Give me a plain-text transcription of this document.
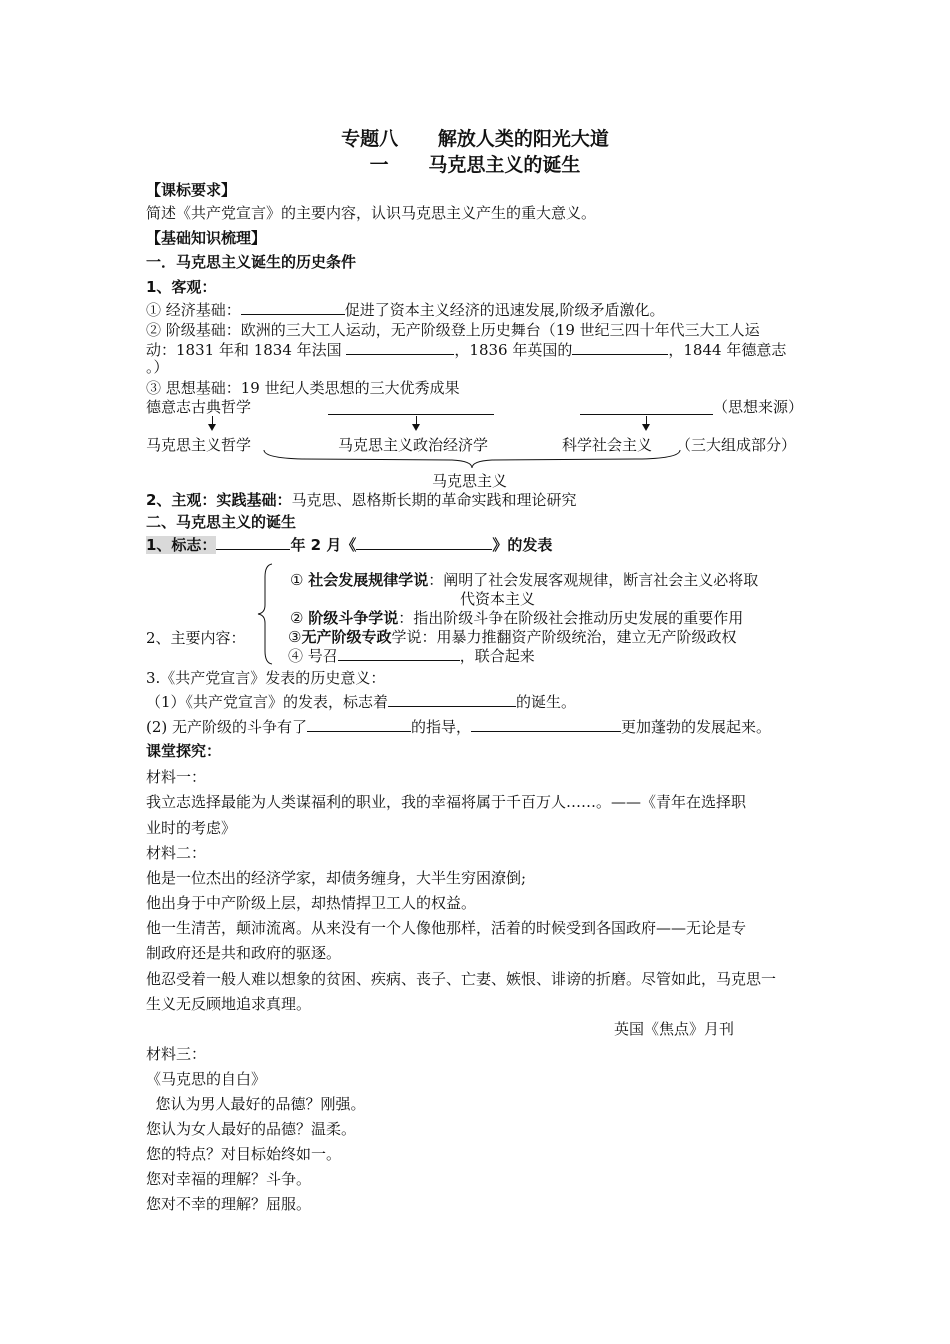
专题八      解放人类的阳光大道
一      马克思主义的诞生
【课标要求】
简述《共产党宣言》的主要内容，认识马克思主义产生的重大意义。
【基础知识梳理】
一．马克思主义诞生的历史条件
1、客观：
① 经济基础：	促进了资本主义经济的迅速发展,阶级矛盾激化。
② 阶级基础：欧洲的三大工人运动，无产阶级登上历史舞台（19 世纪三四十年代三大工人运
动：1831 年和 1834 年法国	，1836 年英国的	，1844 年德意志
。）
③ 思想基础：19 世纪人类思想的三大优秀成果
德意志古典哲学	（思想来源）
马克思主义哲学	马克思主义政治经济学	科学社会主义 （三大组成部分）
马克思主义
2、主观：实践基础：马克思、恩格斯长期的革命实践和理论研究
二、马克思主义的诞生
1、标志：	年 2 月《	》的发表
2、主要内容：
① 社会发展规律学说：阐明了社会发展客观规律，断言社会主义必将取
代资本主义
② 阶级斗争学说：指出阶级斗争在阶级社会推动历史发展的重要作用
③无产阶级专政学说：用暴力推翻资产阶级统治，建立无产阶级政权
④ 号召	，联合起来
3.《共产党宣言》发表的历史意义：
（1）《共产党宣言》的发表，标志着	的诞生。
(2) 无产阶级的斗争有了	的指导，	更加蓬勃的发展起来。
课堂探究：
材料一：
我立志选择最能为人类谋福利的职业，我的幸福将属于千百万人……。——《青年在选择职
业时的考虑》
材料二：
他是一位杰出的经济学家，却债务缠身，大半生穷困潦倒;
他出身于中产阶级上层，却热情捍卫工人的权益。
他一生清苦，颠沛流离。从来没有一个人像他那样，活着的时候受到各国政府——无论是专
制政府还是共和政府的驱逐。
他忍受着一般人难以想象的贫困、疾病、丧子、亡妻、嫉恨、诽谤的折磨。尽管如此，马克思一
生义无反顾地追求真理。
英国《焦点》月刊
材料三：
《马克思的自白》
您认为男人最好的品德？刚强。
您认为女人最好的品德？温柔。
您的特点？对目标始终如一。
您对幸福的理解？斗争。
您对不幸的理解？屈服。
